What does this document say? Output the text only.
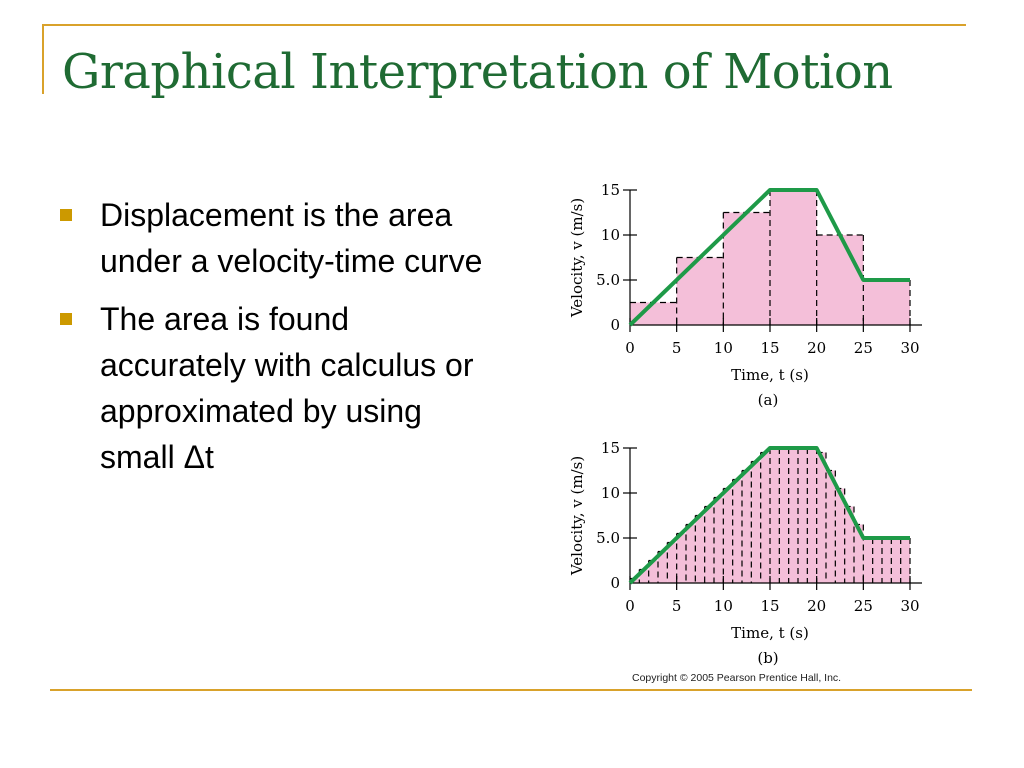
Graphical Interpretation of Motion
Displacement is the area under a velocity-time curve
The area is found accurately with calculus or approximated by using small Δt
0 5 10 15 20 25 30
0
5.0
10
15
Time, t (s)
Velocity, v (m/s)
(a)
0 5 10 15 20 25 30
0
5.0
10
15
Time, t (s)
Velocity, v (m/s)
(b)
Copyright © 2005 Pearson Prentice Hall, Inc.
